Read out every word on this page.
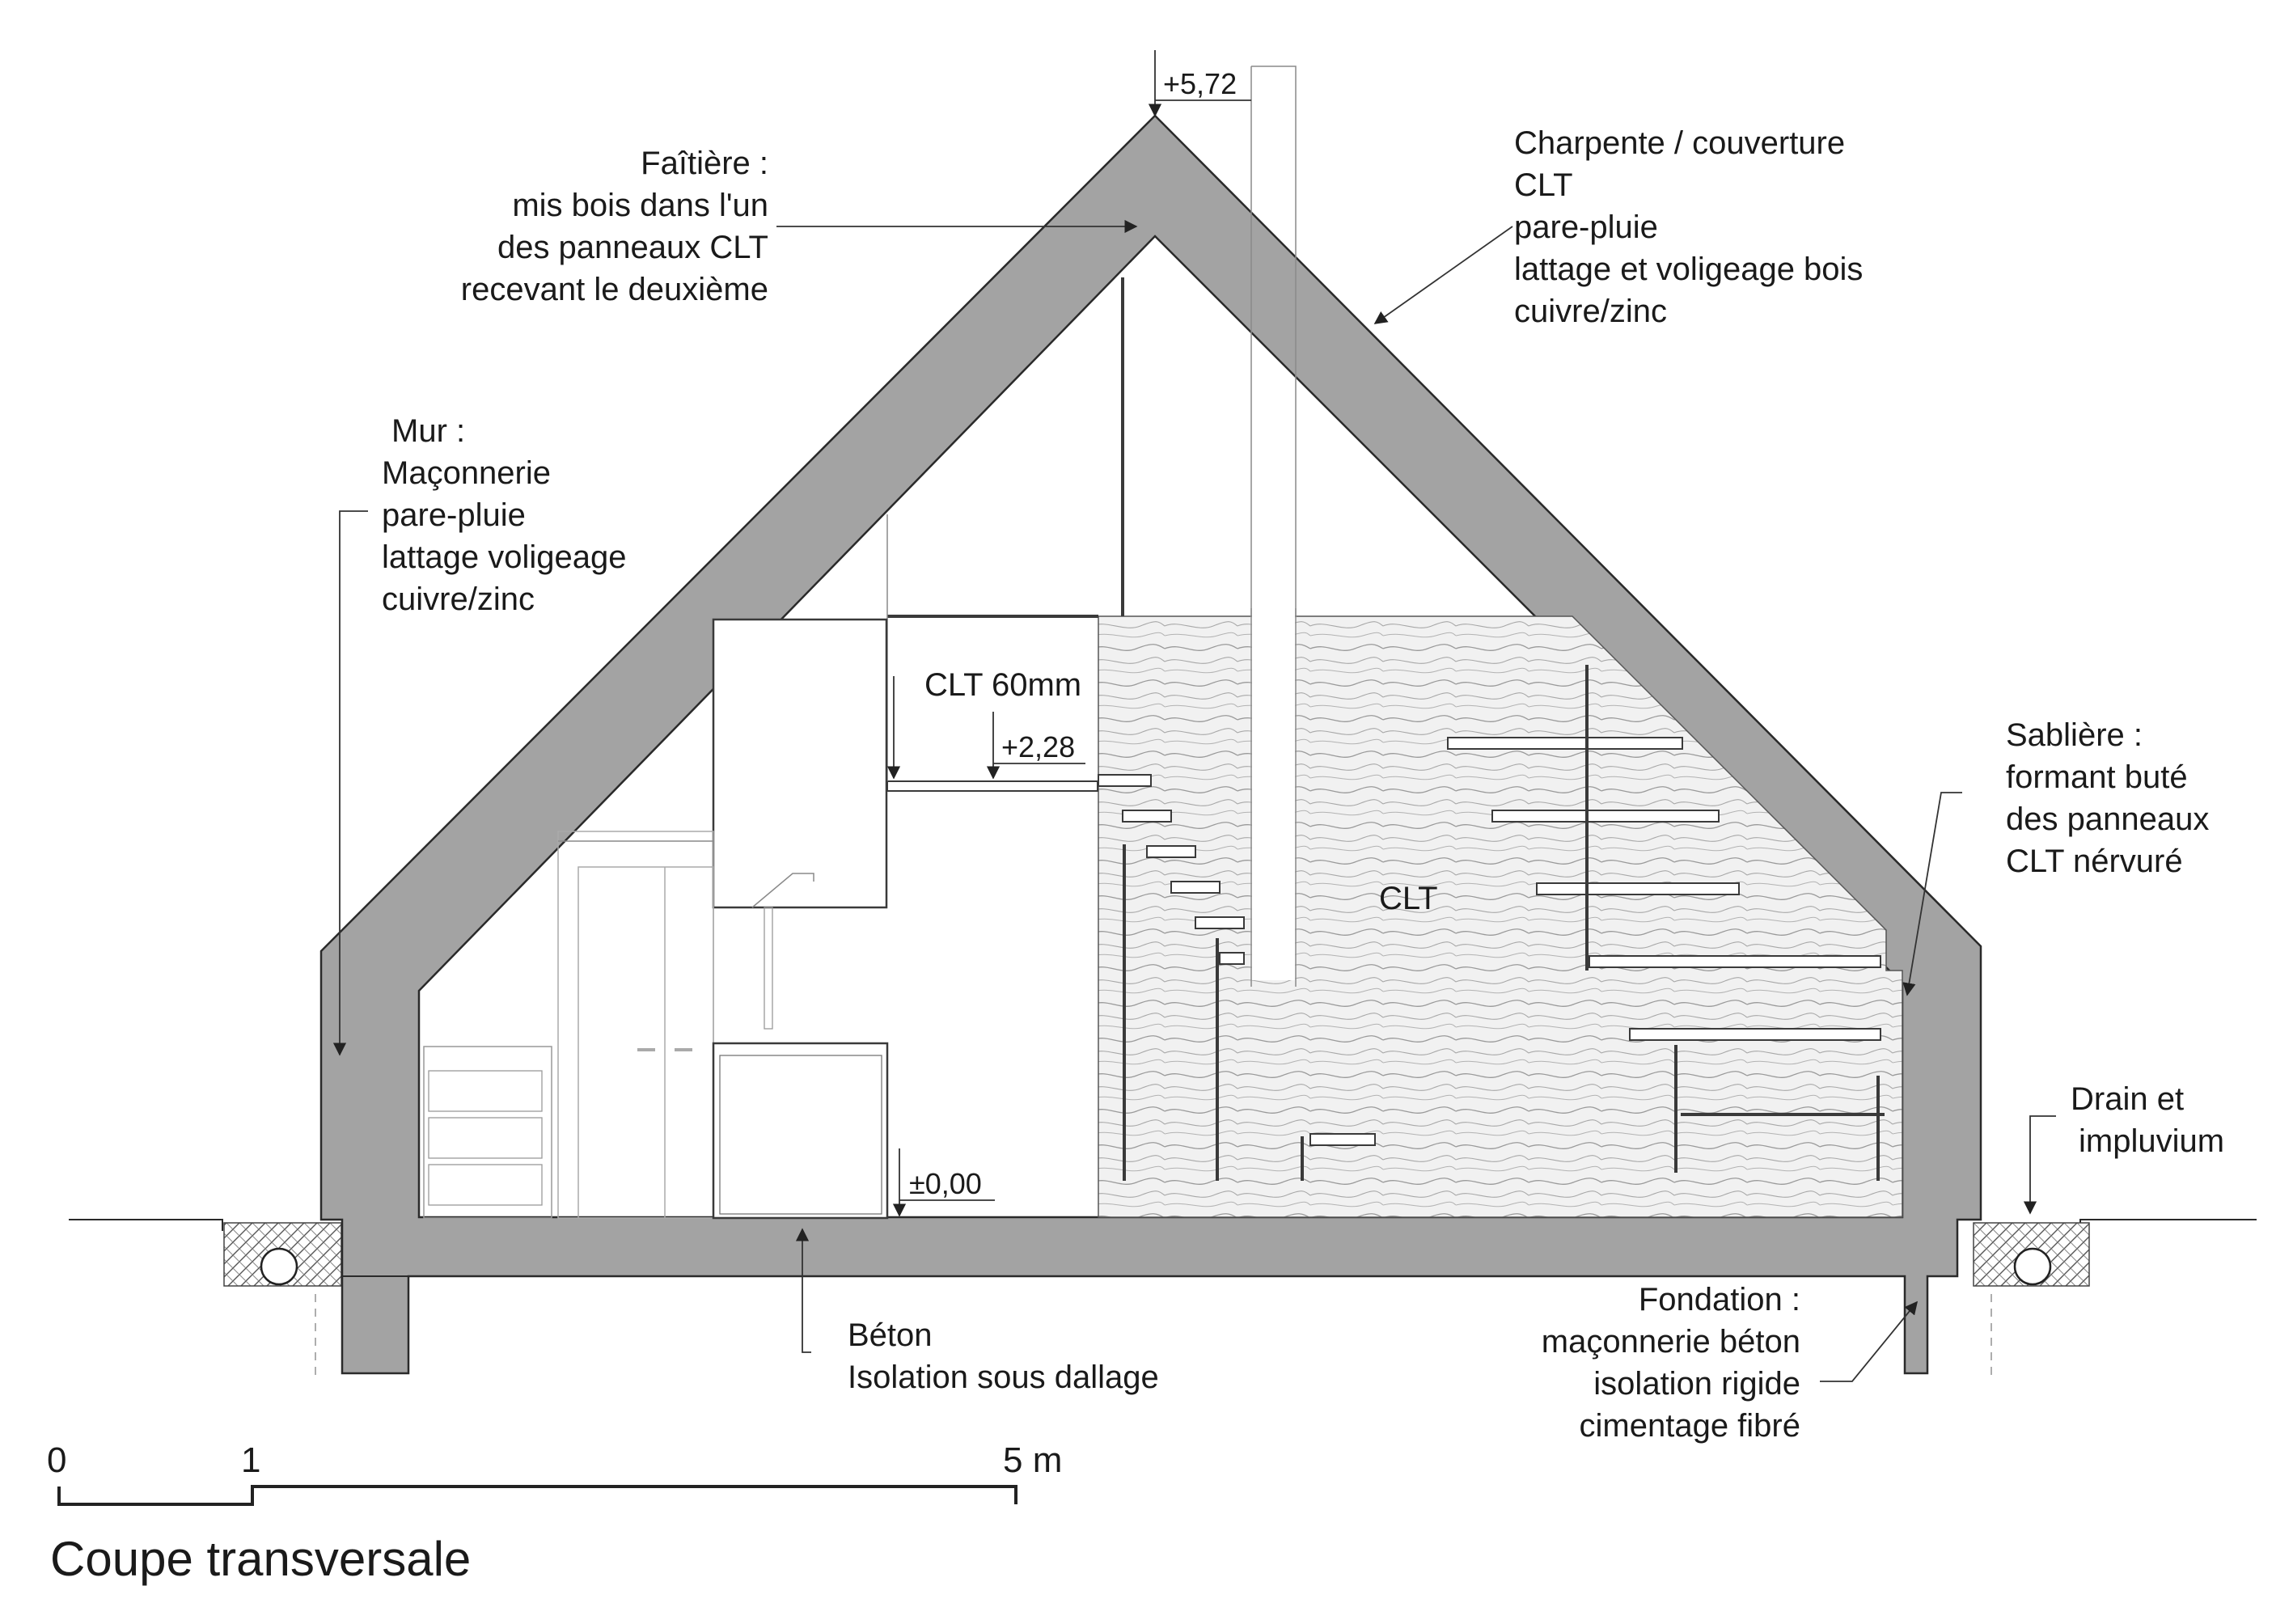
+5,72
+2,28
±0,00
Faîtière :
mis bois dans l'un
des panneaux CLT
recevant le deuxième
Charpente / couverture
CLT
pare-pluie
lattage et voligeage bois
cuivre/zinc
Mur :
Maçonnerie
pare-pluie
lattage voligeage
cuivre/zinc
CLT 60mm
CLT
Sablière :
formant buté
des panneaux
CLT nérvuré
Drain et
impluvium
Fondation :
maçonnerie béton
isolation rigide
cimentage fibré
Béton
Isolation sous dallage
0	1	5 m
Coupe transversale
